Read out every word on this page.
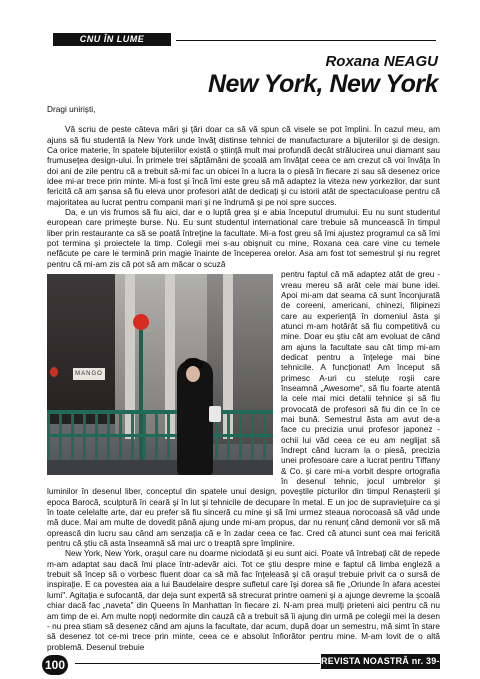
CNU ÎN LUME
Roxana NEAGU
New York, New York

Dragi uniriști,

Vă scriu de peste câteva mări şi ţări doar ca să vă spun că visele se pot împlini. În cazul meu, am ajuns să fiu studentă la New York unde învăţ distinse tehnici de manufacturare a bijuteriilor şi de design. Ca orice materie, în spatele bijuteriilor există o ştiinţă mult mai profundă decât strălucirea unui diamant sau frumuseţea design-ului. În primele trei săptămâni de şcoală am învăţat ceea ce am crezut că voi învăţa în doi ani de zile pentru că a trebuit să-mi fac un obicei în a lucra la o piesă în fiecare zi sau să desenez orice idee mi-ar trece prin minte. Mi-a fost şi încă îmi este greu să mă adaptez la viteza new yorkezilor, dar sunt fericită că am şansa să fiu eleva unor profesori atât de dedicaţi şi cu istorii atât de spectaculoase pentru că majoritatea au lucrat pentru companii mari şi ne îndrumă şi pe noi spre succes.

Da, e un vis frumos să fiu aici, dar e o luptă grea şi e abia începutul drumului. Eu nu sunt studentul european care primeşte burse. Nu. Eu sunt studentul international care trebuie să muncească în timpul liber prin restaurante ca să se poată întreţine la facultate. Mi-a fost greu să îmi ajustez programul ca să îmi pot termina şi proiectele la timp. Colegii mei s-au obişnuit cu mine, Roxana cea care vine cu temele nefăcute pe care le termină prin magie înainte de începerea orelor. Asa am fost tot semestrul şi nu regret pentru că mi-am zis că pot să am măcar o scuză

MANGO

pentru faptul că mă adaptez atât de greu - vreau mereu să arăt cele mai bune idei. Apoi mi-am dat seama că sunt înconjurată de coreeni, americani, chinezi, filipinezi care au experienţă în domeniul ăsta şi atunci m-am hotărât să fiu competitivă cu mine. Doar eu ştiu cât am evoluat de când am ajuns la facultate sau cât timp mi-am dedicat pentru a înţelege mai bine tehnicile. A funcţionat! Am început să primesc A-uri cu steluţe roşii care înseamnă „Awesome", să fiu foarte atentă la cele mai mici detalii tehnice şi să fiu provocată de profesori să fiu din ce în ce mai bună. Semestrul ăsta am avut de-a face cu precizia unui profesor japonez - ochii lui văd ceea ce eu am neglijat să îndrept când lucram la o piesă, precizia unei profesoare care a lucrat pentru Tiffany & Co. şi care mi-a vorbit despre ortografia în desenul tehnic, jocul umbrelor şi luminilor în desenul liber, conceptul din spatele unui design, poveştile picturilor din timpul Renaşterii şi epoca Barocă, sculptură în ceară şi în lut şi tehnicile de decupare în metal. E un joc de supravieţuire ca şi în toate celelalte arte, dar eu prefer să fiu sinceră cu mine şi să îmi urmez steaua norocoasă să văd unde mă duce. Mai am multe de dovedit până ajung unde mi-am propus, dar nu renunţ când demonii vor să mă oprească din lucru sau când am senzaţia că e în zadar ceea ce fac. Cred că atunci sunt cea mai fericită pentru că ştiu că asta înseamnă să mai urc o treaptă spre împlinire.

New York, New York, oraşul care nu doarme niciodată şi eu sunt aici. Poate vă întrebaţi cât de repede m-am adaptat sau dacă îmi place într-adevăr aici. Tot ce ştiu despre mine e faptul că limba engleză a trebuit să încep să o vorbesc fluent doar ca să mă fac înţeleasă şi că oraşul trebuie privit ca o sursă de inspiraţie. E ca povestea aia a lui Baudelaire despre sufletul care îşi dorea să fie „Oriunde în afara acestei lumi". Agitaţia e sufocantă, dar deja sunt expertă să strecurat printre oameni şi a ajunge devreme la şcoală chiar dacă fac „naveta" din Queens în Manhattan în fiecare zi. N-am prea mulţi prieteni aici pentru că nu am timp de ei. Am multe nopţi nedormite din cauză că a trebuit să îi ajung din urmă pe colegii mei la desen - nu prea stiam să desenez când am ajuns la facultate, dar acum, după doar un semestru, mă simt în stare să desenez tot ce-mi trece prin minte, ceea ce e absolut înfiorător pentru mine. M-am lovit de o altă problemă. Desenul trebuie

100	REVISTA NOASTRĂ nr. 39-40
